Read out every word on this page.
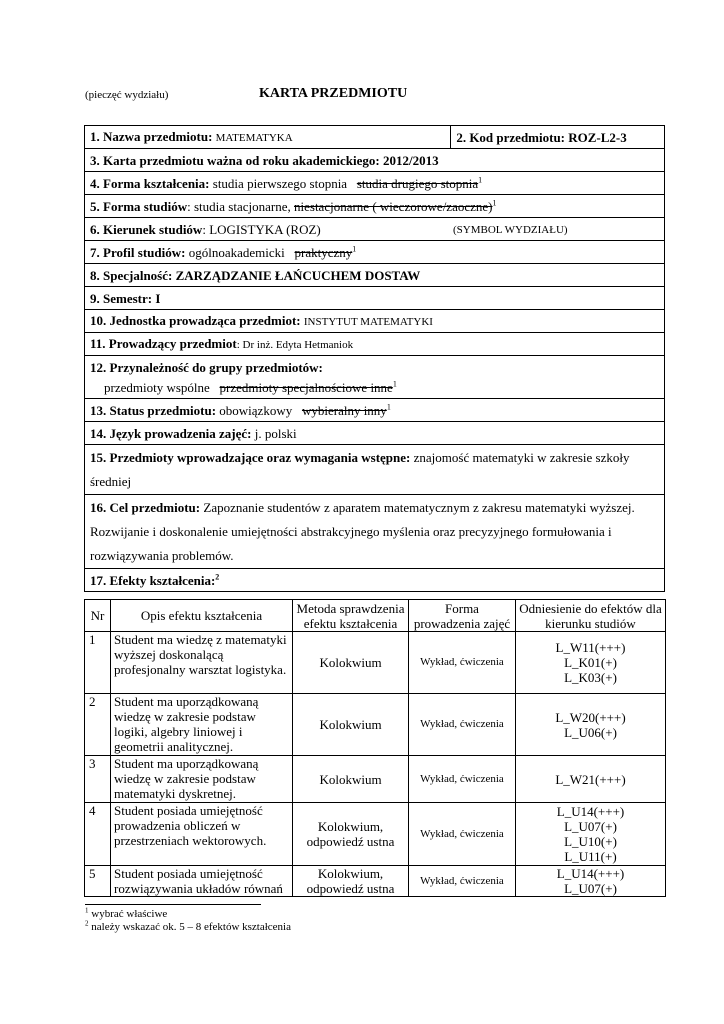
(pieczęć wydziału)	KARTA PRZEDMIOTU
1. Nazwa przedmiotu: MATEMATYKA	2. Kod przedmiotu: ROZ-L2-3
3. Karta przedmiotu ważna od roku akademickiego: 2012/2013
4. Forma kształcenia: studia pierwszego stopnia studia drugiego stopnia$^1$
5. Forma studiów: studia stacjonarne, niestacjonarne ( wieczorowe/zaoczne)$^1$
6. Kierunek studiów: LOGISTYKA (ROZ)	(SYMBOL WYDZIAŁU)

7. Profil studiów: ogólnoakademicki praktyczny$^1$
8. Specjalność: ZARZĄDZANIE ŁAŃCUCHEM DOSTAW
9. Semestr: I
10. Jednostka prowadząca przedmiot: INSTYTUT MATEMATYKI
11. Prowadzący przedmiot: Dr inż. Edyta Hetmaniok

12. Przynależność do grupy przedmiotów:
przedmioty wspólne przedmioty specjalnościowe inne$^1$

13. Status przedmiotu: obowiązkowy wybieralny inny$^1$
14. Język prowadzenia zajęć: j. polski
15. Przedmioty wprowadzające oraz wymagania wstępne: znajomość matematyki w zakresie szkoły średniej
16. Cel przedmiotu: Zapoznanie studentów z aparatem matematycznym z zakresu matematyki wyższej. Rozwijanie i doskonalenie umiejętności abstrakcyjnego myślenia oraz precyzyjnego formułowania i rozwiązywania problemów.
17. Efekty kształcenia:$^2$
Nr	Opis efektu kształcenia	Metoda sprawdzenia efektu kształcenia	Forma prowadzenia zajęć	Odniesienie do efektów dla kierunku studiów
1	Student ma wiedzę z matematyki wyższej doskonalącą profesjonalny warsztat logistyka.	Kolokwium	Wykład, ćwiczenia	L_W11(+++)
L_K01(+)
L_K03(+)

2	Student ma uporządkowaną wiedzę w zakresie podstaw logiki, algebry liniowej i geometrii analitycznej.	Kolokwium	Wykład, ćwiczenia	L_W20(+++)
L_U06(+)

3	Student ma uporządkowaną wiedzę w zakresie podstaw matematyki dyskretnej.	Kolokwium	Wykład, ćwiczenia	L_W21(+++)

4	Student posiada umiejętność prowadzenia obliczeń w przestrzeniach wektorowych.	Kolokwium, odpowiedź ustna	Wykład, ćwiczenia	L_U14(+++)
L_U07(+)
L_U10(+)
L_U11(+)

5	Student posiada umiejętność rozwiązywania układów równań	Kolokwium, odpowiedź ustna	Wykład, ćwiczenia	L_U14(+++)
L_U07(+)
$^1$ wybrać właściwe
$^2$ należy wskazać ok. 5 – 8 efektów kształcenia
